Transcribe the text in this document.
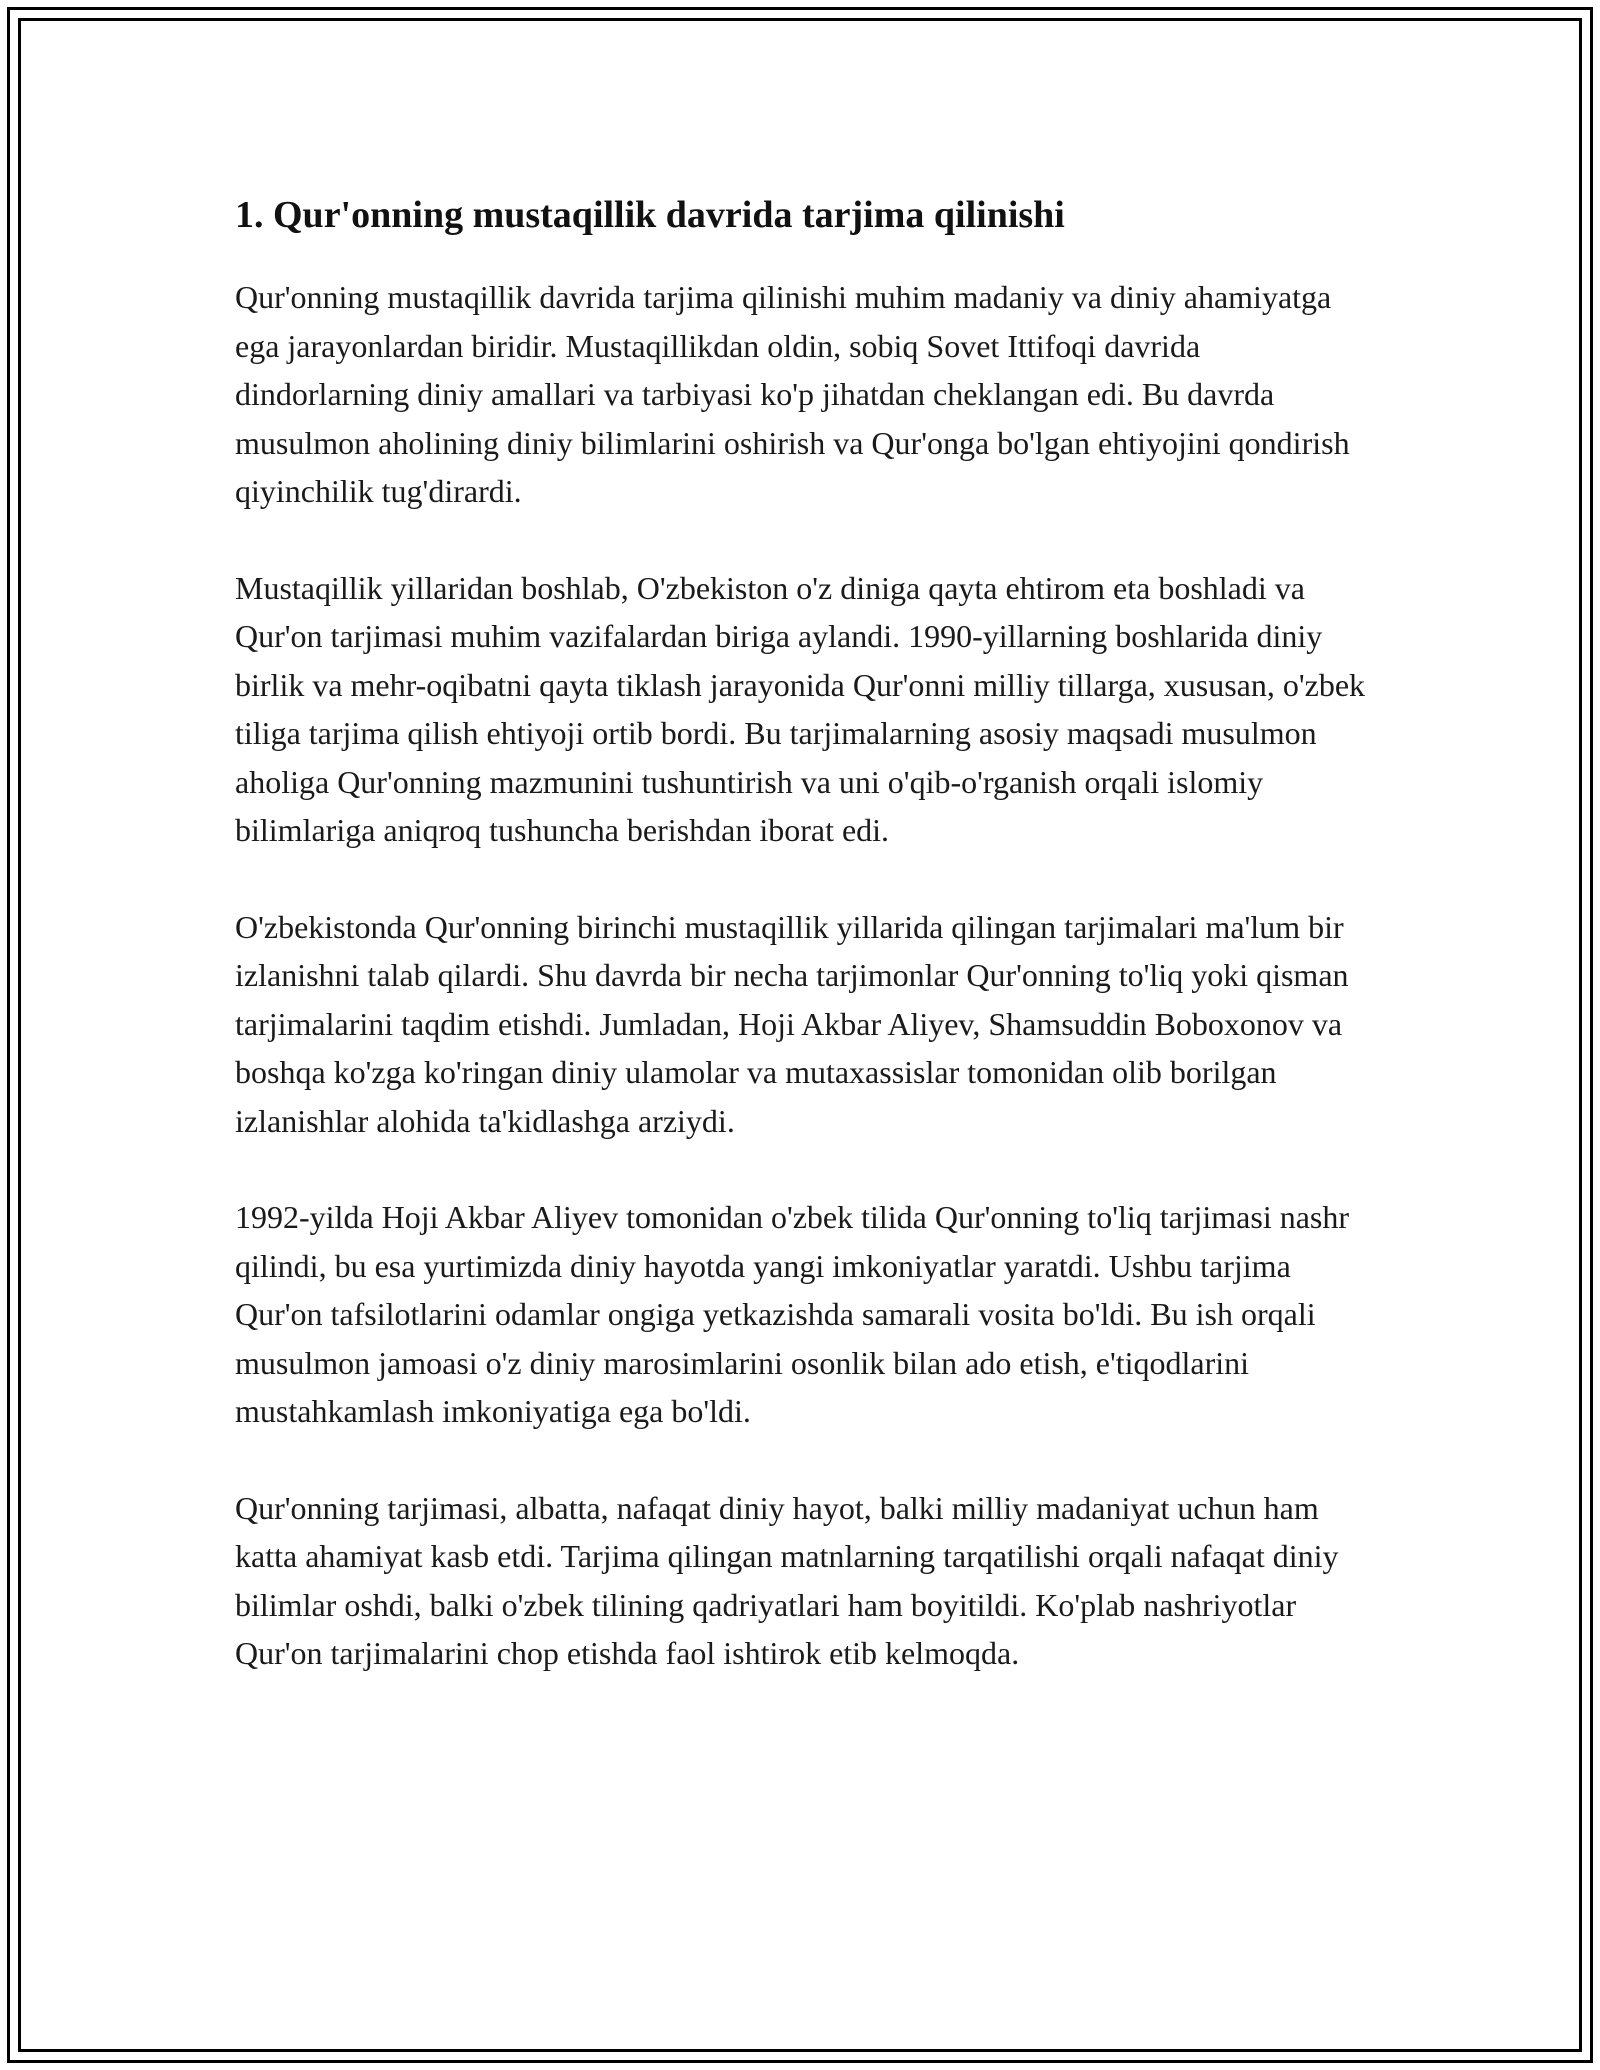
1. Qur'onning mustaqillik davrida tarjima qilinishi

Qur'onning mustaqillik davrida tarjima qilinishi muhim madaniy va diniy ahamiyatga ega jarayonlardan biridir. Mustaqillikdan oldin, sobiq Sovet Ittifoqi davrida dindorlarning diniy amallari va tarbiyasi ko'p jihatdan cheklangan edi. Bu davrda musulmon aholining diniy bilimlarini oshirish va Qur'onga bo'lgan ehtiyojini qondirish qiyinchilik tug'dirardi.

Mustaqillik yillaridan boshlab, O'zbekiston o'z diniga qayta ehtirom eta boshladi va Qur'on tarjimasi muhim vazifalardan biriga aylandi. 1990-yillarning boshlarida diniy birlik va mehr-oqibatni qayta tiklash jarayonida Qur'onni milliy tillarga, xususan, o'zbek tiliga tarjima qilish ehtiyoji ortib bordi. Bu tarjimalarning asosiy maqsadi musulmon aholiga Qur'onning mazmunini tushuntirish va uni o'qib-o'rganish orqali islomiy bilimlariga aniqroq tushuncha berishdan iborat edi.

O'zbekistonda Qur'onning birinchi mustaqillik yillarida qilingan tarjimalari ma'lum bir izlanishni talab qilardi. Shu davrda bir necha tarjimonlar Qur'onning to'liq yoki qisman tarjimalarini taqdim etishdi. Jumladan, Hoji Akbar Aliyev, Shamsuddin Boboxonov va boshqa ko'zga ko'ringan diniy ulamolar va mutaxassislar tomonidan olib borilgan izlanishlar alohida ta'kidlashga arziydi.

1992-yilda Hoji Akbar Aliyev tomonidan o'zbek tilida Qur'onning to'liq tarjimasi nashr qilindi, bu esa yurtimizda diniy hayotda yangi imkoniyatlar yaratdi. Ushbu tarjima Qur'on tafsilotlarini odamlar ongiga yetkazishda samarali vosita bo'ldi. Bu ish orqali musulmon jamoasi o'z diniy marosimlarini osonlik bilan ado etish, e'tiqodlarini mustahkamlash imkoniyatiga ega bo'ldi.

Qur'onning tarjimasi, albatta, nafaqat diniy hayot, balki milliy madaniyat uchun ham katta ahamiyat kasb etdi. Tarjima qilingan matnlarning tarqatilishi orqali nafaqat diniy bilimlar oshdi, balki o'zbek tilining qadriyatlari ham boyitildi. Ko'plab nashriyotlar Qur'on tarjimalarini chop etishda faol ishtirok etib kelmoqda.
